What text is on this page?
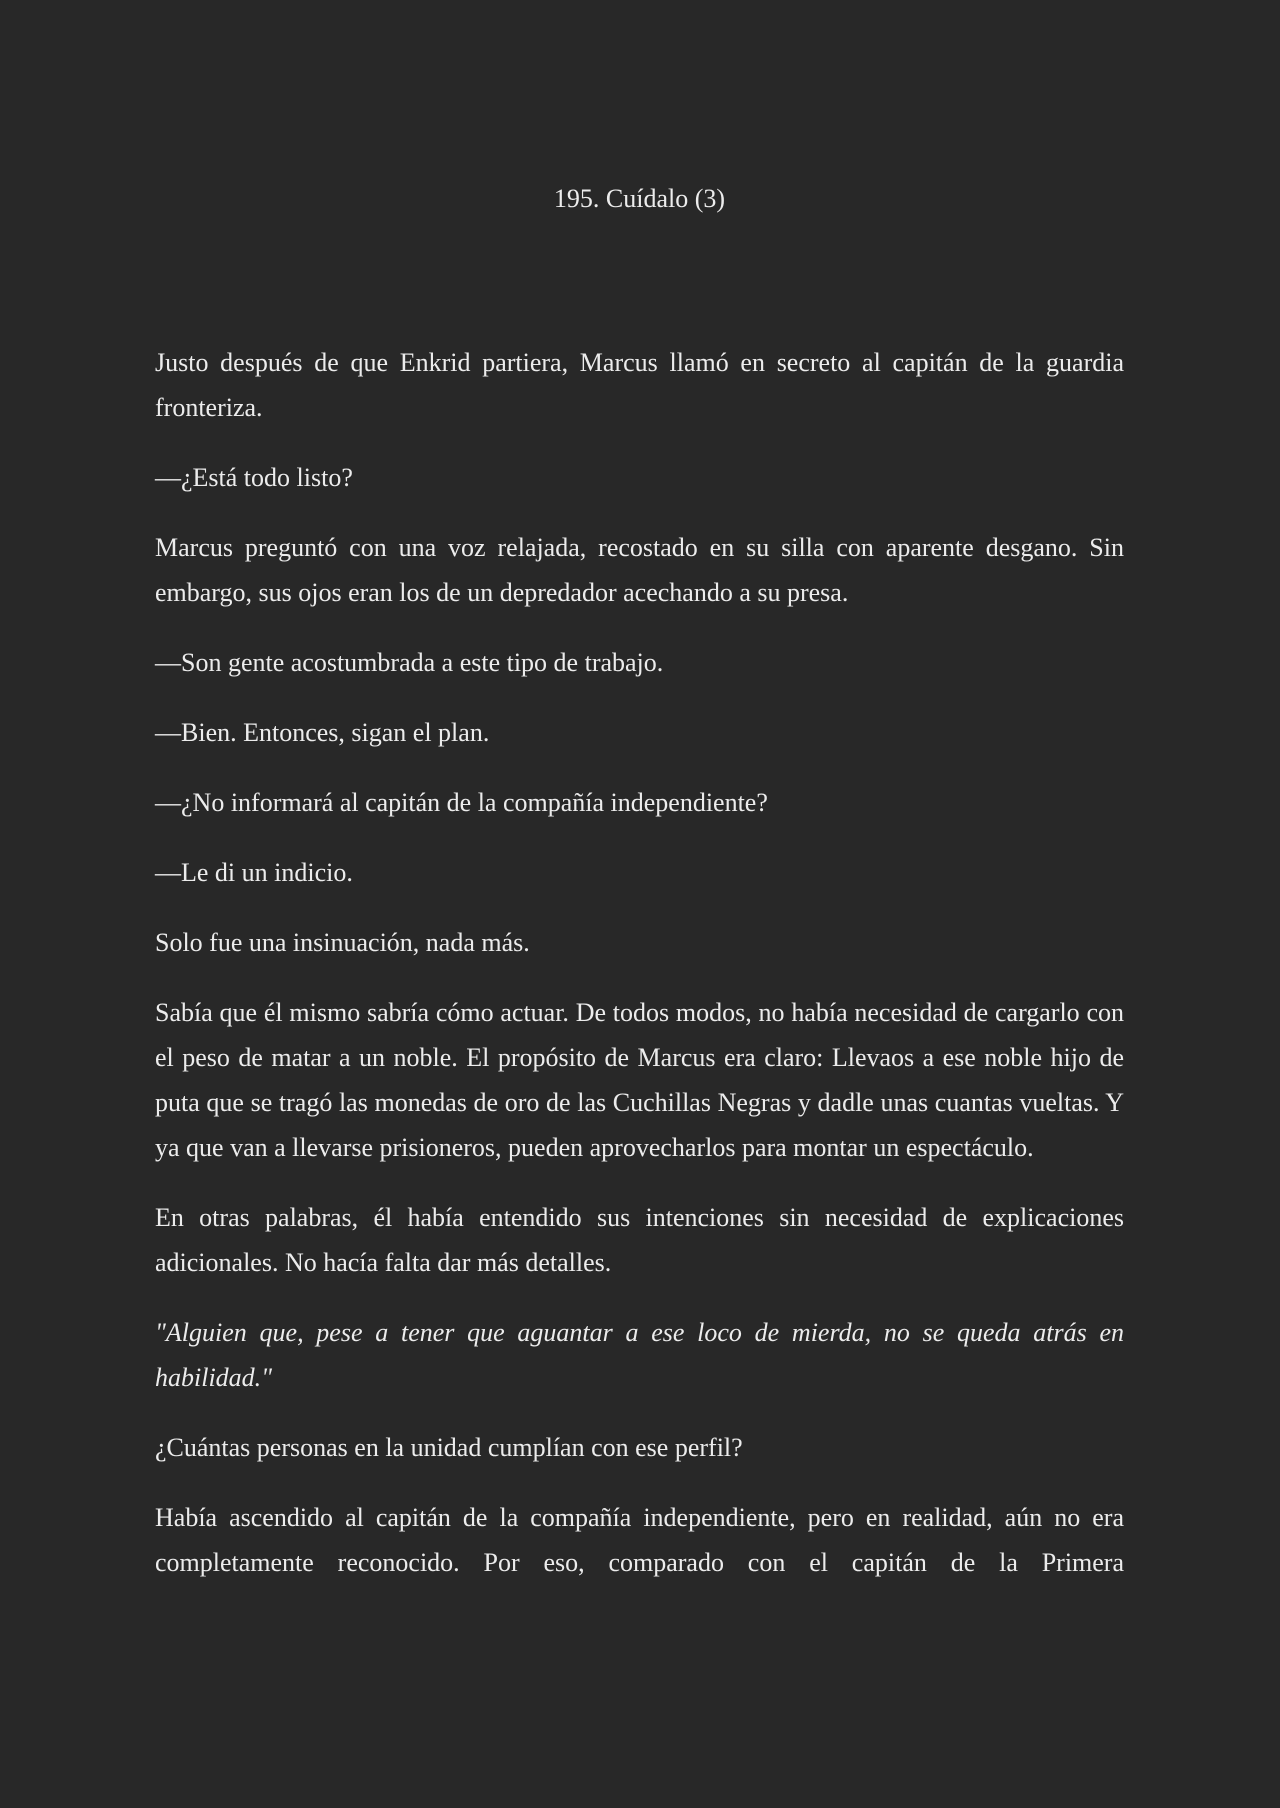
195. Cuídalo (3)

Justo después de que Enkrid partiera, Marcus llamó en secreto al capitán de la guardia fronteriza.

—¿Está todo listo?

Marcus preguntó con una voz relajada, recostado en su silla con aparente desgano. Sin embargo, sus ojos eran los de un depredador acechando a su presa.

—Son gente acostumbrada a este tipo de trabajo.

—Bien. Entonces, sigan el plan.

—¿No informará al capitán de la compañía independiente?

—Le di un indicio.

Solo fue una insinuación, nada más.

Sabía que él mismo sabría cómo actuar. De todos modos, no había necesidad de cargarlo con el peso de matar a un noble. El propósito de Marcus era claro: Llevaos a ese noble hijo de puta que se tragó las monedas de oro de las Cuchillas Negras y dadle unas cuantas vueltas. Y ya que van a llevarse prisioneros, pueden aprovecharlos para montar un espectáculo.

En otras palabras, él había entendido sus intenciones sin necesidad de explicaciones adicionales. No hacía falta dar más detalles.

"Alguien que, pese a tener que aguantar a ese loco de mierda, no se queda atrás en habilidad."

¿Cuántas personas en la unidad cumplían con ese perfil?

Había ascendido al capitán de la compañía independiente, pero en realidad, aún no era completamente reconocido. Por eso, comparado con el capitán de la Primera
